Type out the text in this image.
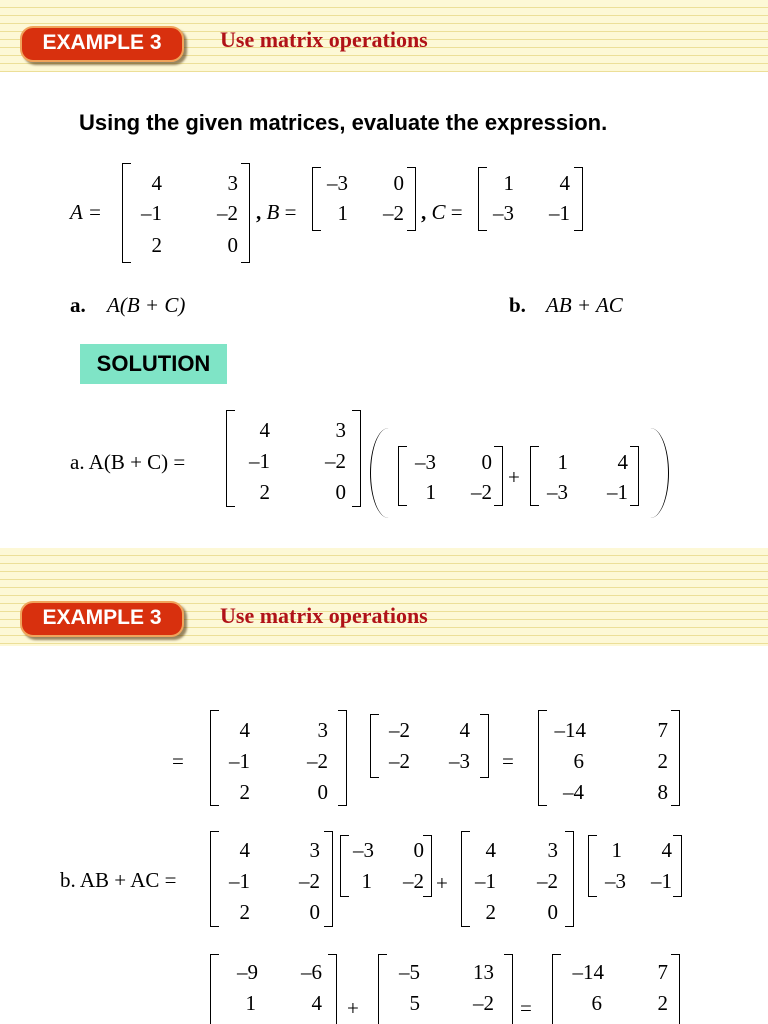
EXAMPLE 3	Use matrix operations
Using the given matrices, evaluate the expression.
A =
4	3
–1	–2
2	0
, B =
–3	0
1	–2 , C =
1	4
–3	–1
a. A(B + C)	b. AB + AC
SOLUTION
a. A(B + C) =
4	3
–1	–2
2	0
–3	0
1	–2
+
1	4
–3	–1
EXAMPLE 3	Use matrix operations
=
4	3
–1	–2
2	0
–2	4
–2	–3 =
–14	7
6	2
–4	8
b. AB + AC =
4	3
–1	–2
2	0
–3	0
1	–2 +
4	3
–1	–2
2	0
1	4
–3	–1
–9	–6
1	4 +
–5	13
5	–2 =
–14	7
6	2
